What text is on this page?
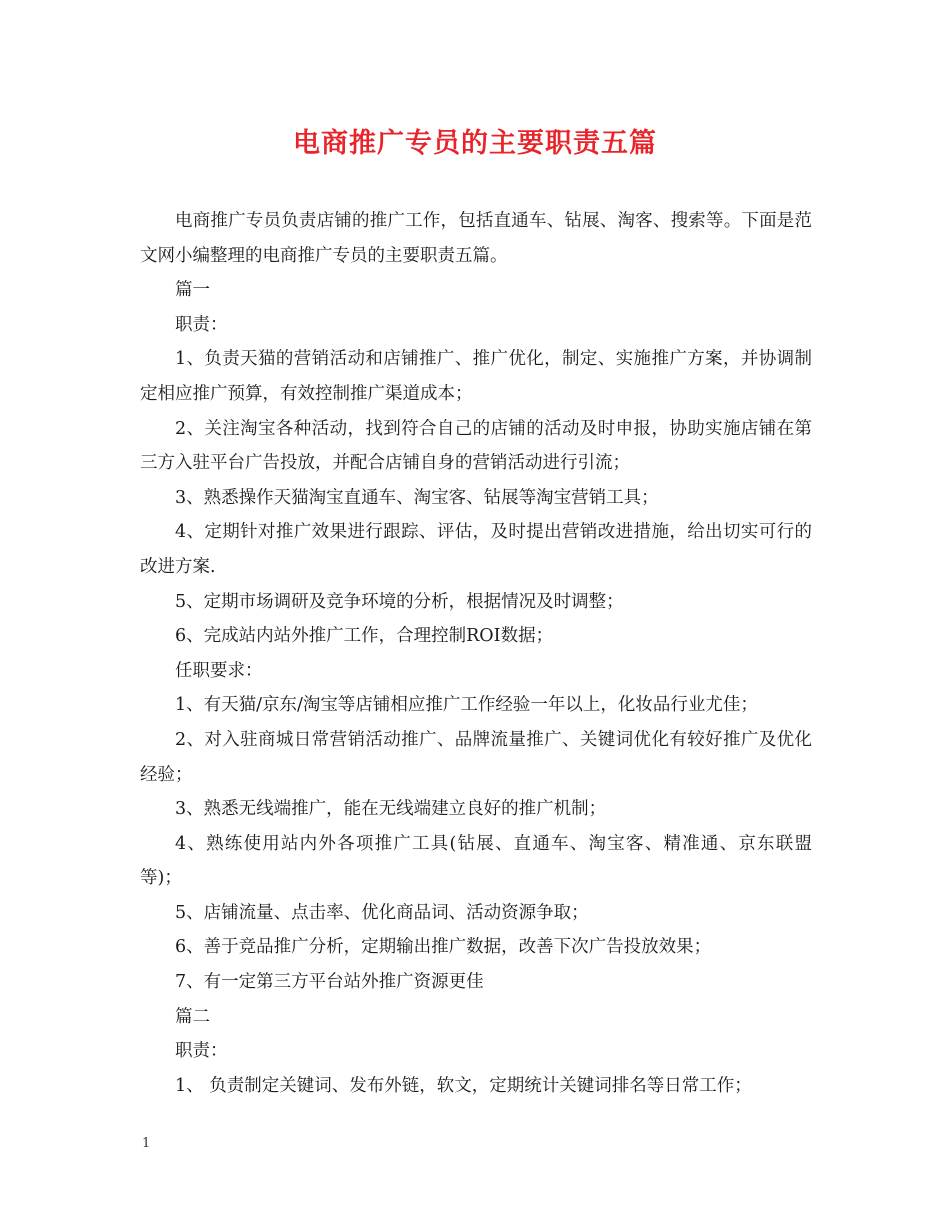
电商推广专员的主要职责五篇

电商推广专员负责店铺的推广工作，包括直通车、钻展、淘客、搜索等。下面是范文网小编整理的电商推广专员的主要职责五篇。

篇一

职责：

1、负责天猫的营销活动和店铺推广、推广优化，制定、实施推广方案，并协调制定相应推广预算，有效控制推广渠道成本；

2、关注淘宝各种活动，找到符合自己的店铺的活动及时申报，协助实施店铺在第三方入驻平台广告投放，并配合店铺自身的营销活动进行引流；

3、熟悉操作天猫淘宝直通车、淘宝客、钻展等淘宝营销工具；

4、定期针对推广效果进行跟踪、评估，及时提出营销改进措施，给出切实可行的改进方案.

5、定期市场调研及竞争环境的分析，根据情况及时调整；

6、完成站内站外推广工作，合理控制ROI数据；

任职要求：

1、有天猫/京东/淘宝等店铺相应推广工作经验一年以上，化妆品行业尤佳；

2、对入驻商城日常营销活动推广、品牌流量推广、关键词优化有较好推广及优化经验；

3、熟悉无线端推广，能在无线端建立良好的推广机制；

4、熟练使用站内外各项推广工具(钻展、直通车、淘宝客、精准通、京东联盟等)；

5、店铺流量、点击率、优化商品词、活动资源争取；

6、善于竞品推广分析，定期输出推广数据，改善下次广告投放效果；

7、有一定第三方平台站外推广资源更佳

篇二

职责：

1、 负责制定关键词、发布外链，软文，定期统计关键词排名等日常工作；

1
